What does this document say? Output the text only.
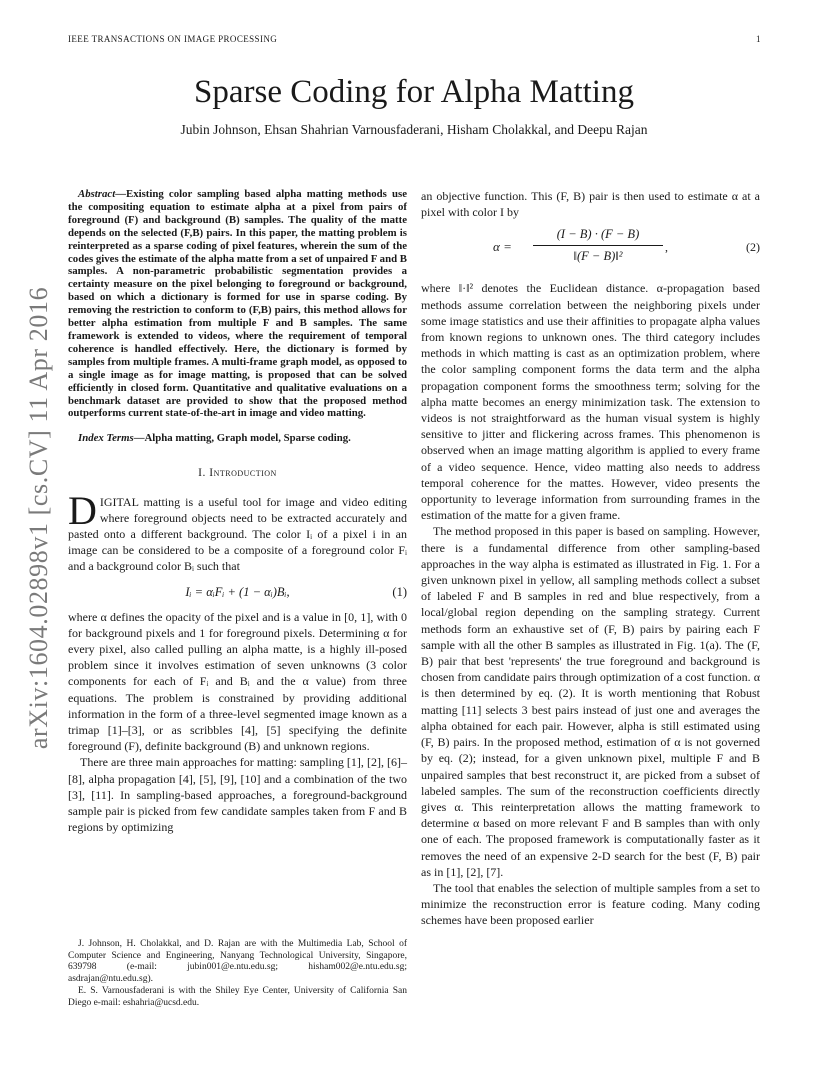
IEEE TRANSACTIONS ON IMAGE PROCESSING	1
arXiv:1604.02898v1 [cs.CV] 11 Apr 2016
Sparse Coding for Alpha Matting
Jubin Johnson, Ehsan Shahrian Varnousfaderani, Hisham Cholakkal, and Deepu Rajan

Abstract—Existing color sampling based alpha matting methods use the compositing equation to estimate alpha at a pixel from pairs of foreground (F) and background (B) samples. The quality of the matte depends on the selected (F,B) pairs. In this paper, the matting problem is reinterpreted as a sparse coding of pixel features, wherein the sum of the codes gives the estimate of the alpha matte from a set of unpaired F and B samples. A non-parametric probabilistic segmentation provides a certainty measure on the pixel belonging to foreground or background, based on which a dictionary is formed for use in sparse coding. By removing the restriction to conform to (F,B) pairs, this method allows for better alpha estimation from multiple F and B samples. The same framework is extended to videos, where the requirement of temporal coherence is handled effectively. Here, the dictionary is formed by samples from multiple frames. A multi-frame graph model, as opposed to a single image as for image matting, is proposed that can be solved efficiently in closed form. Quantitative and qualitative evaluations on a benchmark dataset are provided to show that the proposed method outperforms current state-of-the-art in image and video matting.

Index Terms—Alpha matting, Graph model, Sparse coding.

I. Introduction

DIGITAL matting is a useful tool for image and video editing where foreground objects need to be extracted accurately and pasted onto a different background. The color Iᵢ of a pixel i in an image can be considered to be a composite of a foreground color Fᵢ and a background color Bᵢ such that

Iᵢ = αᵢFᵢ + (1 − αᵢ)Bᵢ,	(1)

where α defines the opacity of the pixel and is a value in [0, 1], with 0 for background pixels and 1 for foreground pixels. Determining α for every pixel, also called pulling an alpha matte, is a highly ill-posed problem since it involves estimation of seven unknowns (3 color components for each of Fᵢ and Bᵢ and the α value) from three equations. The problem is constrained by providing additional information in the form of a three-level segmented image known as a trimap [1]–[3], or as scribbles [4], [5] specifying the definite foreground (F), definite background (B) and unknown regions.

There are three main approaches for matting: sampling [1], [2], [6]–[8], alpha propagation [4], [5], [9], [10] and a combination of the two [3], [11]. In sampling-based approaches, a foreground-background sample pair is picked from few candidate samples taken from F and B regions by optimizing

J. Johnson, H. Cholakkal, and D. Rajan are with the Multimedia Lab, School of Computer Science and Engineering, Nanyang Technological University, Singapore, 639798 (e-mail: jubin001@e.ntu.edu.sg; hisham002@e.ntu.edu.sg; asdrajan@ntu.edu.sg).

E. S. Varnousfaderani is with the Shiley Eye Center, University of California San Diego e-mail: eshahria@ucsd.edu.

an objective function. This (F, B) pair is then used to estimate α at a pixel with color I by

$\alpha = \frac{(I - B) \cdot (F - B)}{\text{‖(F − B)‖²}}$ ,	(2)

where ‖·‖² denotes the Euclidean distance. α-propagation based methods assume correlation between the neighboring pixels under some image statistics and use their affinities to propagate alpha values from known regions to unknown ones. The third category includes methods in which matting is cast as an optimization problem, where the color sampling component forms the data term and the alpha propagation component forms the smoothness term; solving for the alpha matte becomes an energy minimization task. The extension to videos is not straightforward as the human visual system is highly sensitive to jitter and flickering across frames. This phenomenon is observed when an image matting algorithm is applied to every frame of a video sequence. Hence, video matting also needs to address temporal coherence for the mattes. However, video presents the opportunity to leverage information from surrounding frames in the estimation of the matte for a given frame.

The method proposed in this paper is based on sampling. However, there is a fundamental difference from other sampling-based approaches in the way alpha is estimated as illustrated in Fig. 1. For a given unknown pixel in yellow, all sampling methods collect a subset of labeled F and B samples in red and blue respectively, from a local/global region depending on the sampling strategy. Current methods form an exhaustive set of (F, B) pairs by pairing each F sample with all the other B samples as illustrated in Fig. 1(a). The (F, B) pair that best 'represents' the true foreground and background is chosen from candidate pairs through optimization of a cost function. α is then determined by eq. (2). It is worth mentioning that Robust matting [11] selects 3 best pairs instead of just one and averages the alpha obtained for each pair. However, alpha is still estimated using (F, B) pairs. In the proposed method, estimation of α is not governed by eq. (2); instead, for a given unknown pixel, multiple F and B unpaired samples that best reconstruct it, are picked from a subset of labeled samples. The sum of the reconstruction coefficients directly gives α. This reinterpretation allows the matting framework to determine α based on more relevant F and B samples than with only one of each. The proposed framework is computationally faster as it removes the need of an expensive 2-D search for the best (F, B) pair as in [1], [2], [7].

The tool that enables the selection of multiple samples from a set to minimize the reconstruction error is feature coding. Many coding schemes have been proposed earlier
